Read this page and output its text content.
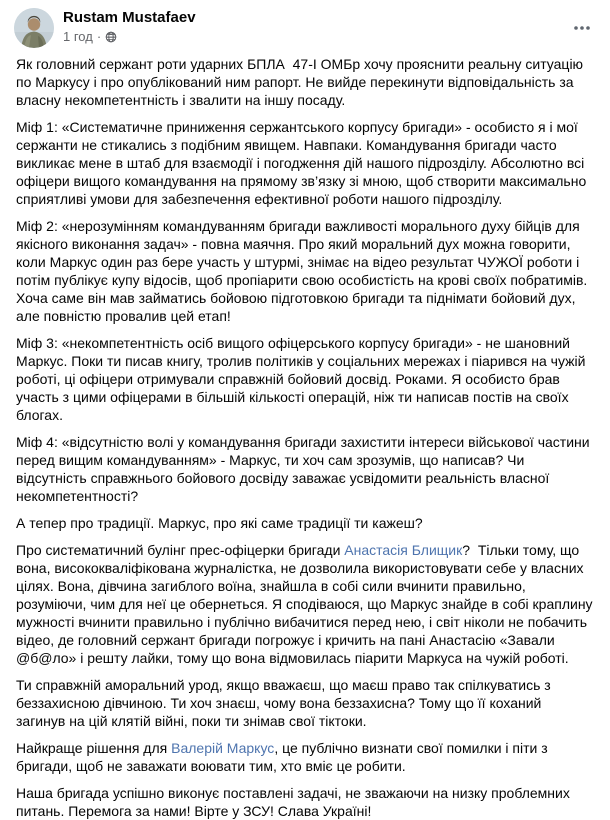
Rustam Mustafaev
1 год ·
Як головний сержант роти ударних БПЛА  47-І ОМБр хочу прояснити реальну ситуацію по Маркусу і про опублікований ним рапорт. Не вийде перекинути відповідальність за власну некомпетентність і звалити на іншу посаду.
Міф 1: «Систематичне приниження сержантського корпусу бригади» - особисто я і мої сержанти не стикались з подібним явищем. Навпаки. Командування бригади часто викликає мене в штаб для взаємодії і погодження дій нашого підрозділу. Абсолютно всі офіцери вищого командування на прямому зв’язку зі мною, щоб створити максимально сприятливі умови для забезпечення ефективної роботи нашого підрозділу.
Міф 2: «нерозумінням командуванням бригади важливості морального духу бійців для якісного виконання задач» - повна маячня. Про який моральний дух можна говорити, коли Маркус один раз бере участь у штурмі, знімає на відео результат ЧУЖОЇ роботи і потім публікує купу відосів, щоб пропіарити свою особистість на крові своїх побратимів. Хоча саме він мав займатись бойовою підготовкою бригади та піднімати бойовий дух, але повністю провалив цей етап!
Міф 3: «некомпетентність осіб вищого офіцерського корпусу бригади» - не шановний Маркус. Поки ти писав книгу, тролив політиків у соціальних мережах і піарився на чужій роботі, ці офіцери отримували справжній бойовий досвід. Роками. Я особисто брав участь з цими офіцерами в більшій кількості операцій, ніж ти написав постів на своїх блогах.
Міф 4: «відсутністю волі у командування бригади захистити інтереси військової частини перед вищим командуванням» - Маркус, ти хоч сам зрозумів, що написав? Чи відсутність справжнього бойового досвіду заважає усвідомити реальність власної некомпетентності?
А тепер про традиції. Маркус, про які саме традиції ти кажеш?
Про систематичний булінг прес-офіцерки бригади Анастасія Блищик?  Тільки тому, що вона, висококваліфікована журналістка, не дозволила використовувати себе у власних цілях. Вона, дівчина загиблого воїна, знайшла в собі сили вчинити правильно, розуміючи, чим для неї це обернеться. Я сподіваюся, що Маркус знайде в собі краплину мужності вчинити правильно і публічно вибачитися перед нею, і світ ніколи не побачить відео, де головний сержант бригади погрожує і кричить на пані Анастасію «Завали @б@ло» і решту лайки, тому що вона відмовилась піарити Маркуса на чужій роботі.
Ти справжній аморальний урод, якщо вважаєш, що маєш право так спілкуватись з беззахисною дівчиною. Ти хоч знаєш, чому вона беззахисна? Тому що її коханий загинув на цій клятій війні, поки ти знімав свої тіктоки.
Найкраще рішення для Валерій Маркус, це публічно визнати свої помилки і піти з бригади, щоб не заважати воювати тим, хто вміє це робити.
Наша бригада успішно виконує поставлені задачі, не зважаючи на низку проблемних питань. Перемога за нами! Вірте у ЗСУ! Слава Україні!
